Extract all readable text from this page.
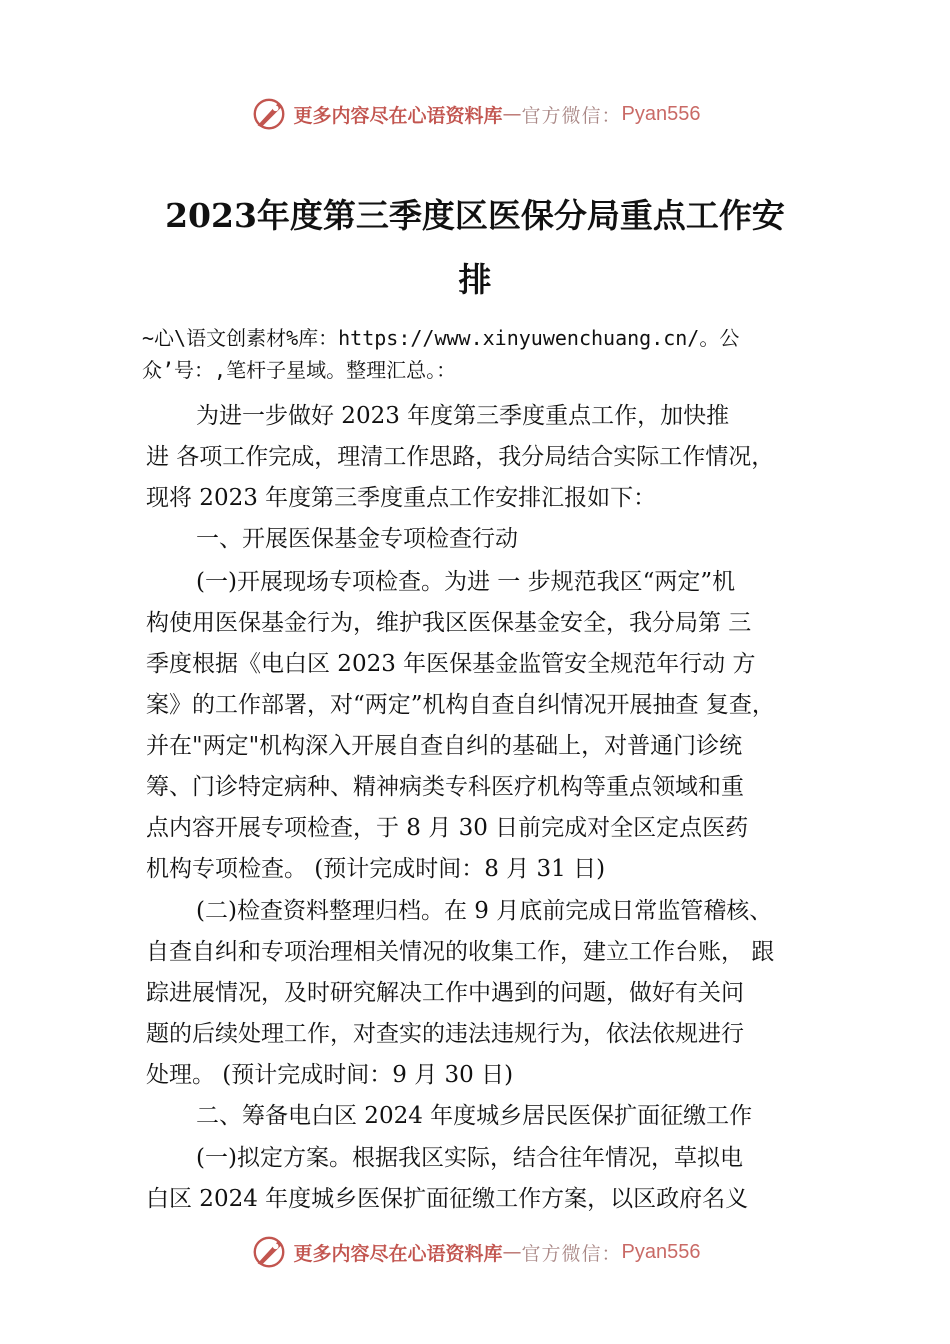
更多内容尽在心语资料库 — 官方微信： Pyan556
2023年度第三季度区医保分局重点工作安
排
~心\语文创素材%库：https://www.xinyuwenchuang.cn/。公
众’号：,笔杆子星域。整理汇总。：
为进一步做好 2023 年度第三季度重点工作，加快推
进 各项工作完成，理清工作思路，我分局结合实际工作情况，
现将 2023 年度第三季度重点工作安排汇报如下：
一、开展医保基金专项检查行动
(一)开展现场专项检查。为进 一 步规范我区“两定”机
构使用医保基金行为，维护我区医保基金安全，我分局第 三
季度根据《电白区 2023 年医保基金监管安全规范年行动 方
案》的工作部署，对“两定”机构自查自纠情况开展抽查 复查，
并在"两定"机构深入开展自查自纠的基础上，对普通门诊统
筹、门诊特定病种、精神病类专科医疗机构等重点领域和重
点内容开展专项检查，于 8 月 30 日前完成对全区定点医药
机构专项检查。 (预计完成时间：8 月 31 日)
(二)检查资料整理归档。在 9 月底前完成日常监管稽核、
自查自纠和专项治理相关情况的收集工作，建立工作台账， 跟
踪进展情况，及时研究解决工作中遇到的问题，做好有关问
题的后续处理工作，对查实的违法违规行为，依法依规进行
处理。 (预计完成时间：9 月 30 日)
二、筹备电白区 2024 年度城乡居民医保扩面征缴工作
(一)拟定方案。根据我区实际，结合往年情况，草拟电
白区 2024 年度城乡医保扩面征缴工作方案，以区政府名义
更多内容尽在心语资料库 — 官方微信： Pyan556
